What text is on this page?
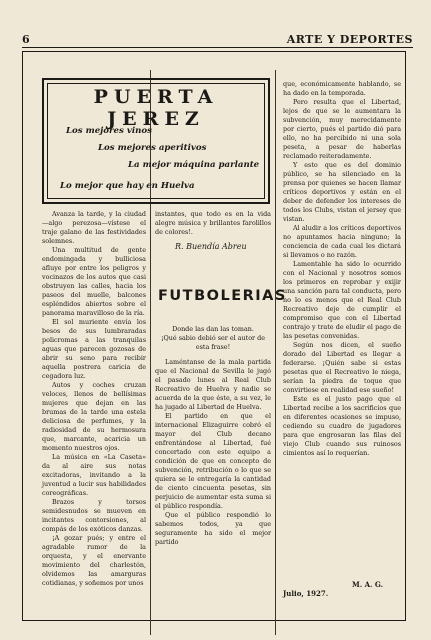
6	ARTE Y DEPORTES
PUERTA JEREZ
Los mejores vinos
Los mejores aperitivos
La mejor máquina parlante
Lo mejor que hay en Huelva

Avanza la tarde, y la ciudad—algo perezosa—vístese el traje galano de las festividades solemnes.

Una multitud de gente endomingada y bulliciosa afluye por entre los peligros y vocinazos de los autos que casi obstruyen las calles, hacia los paseos del muelle, balcones espléndidos abiertos sobre el panorama maravilloso de la ría.

El sol muriente envía los besos de sus lumbraradas policromas a las tranquilas aguas que parecen gozosas de abrir su seno para recibir aquella postrera caricia de cegadora luz.

Autos y coches cruzan veloces, llenos de bellísimas mujeres que dejan en las brumas de la tarde una estela deliciosa de perfumes, y la radiosidad de su hermosura que, marcante, acaricia un momento nuestros ojos.

La música en «La Caseta» da al aire sus notas excitadoras, invitando a la juventud a lucir sus habilidades coreográficas.

Brazos y torsos semidesnudos se mueven en incitantes contorsiones, al compás de los exóticos danzas.

¡A gozar pués; y entre el agradable rumor de la orquesta, y el enervante movimiento del charlestón, olvidemos las amarguras cotidianas, y soñemos por unos

instantes, que todo es en la vida alegre música y brillantes farolillos de colores!.

R. Buendía Abreu
FUTBOLERIAS

Donde las dan las toman.

¡Qué sabio debió ser el autor de esta frase!

Laméntanse de la mala partida que el Nacional de Sevilla le jugó el pasado lunes al Real Club Recreativo de Huelva y nadie se acuerda de la que éste, a su vez, le ha jugado al Libertad de Huelva.

El partido en que el internacional Elizaguirre cobró el mayor del Club decano enfrentándose al Libertad, fué concertado con este equipo a condición de que en concepto de subvención, retribución o lo que se quiera se le entregaría la cantidad de ciento cincuenta pesetas, sin perjuicio de aumentar esta suma si el público respondía.

Que el público respondió lo sabemos todos, ya que seguramente ha sido el mejor partido

que, económicamente hablando, se ha dado en la temporada.

Pero resulta que el Libertad, lejos de que se le aumentara la subvención, muy merecidamente por cierto, pués el partido dió para ello, no ha percibido ni una sola peseta, a pesar de haberlas reclamado reiteradamente.

Y esto que es del dominio público, se ha silenciado en la prensa por quienes se hacen llamar críticos deportivos y están en el deber de defender los intereses de todos los Clubs, vistan el jersey que vistan.

Al aludir a los críticos deportivos no apuntamos hacia ninguno; la conciencia de cada cual les dictará si llevamos o no razón.

Lamentable ha sido lo ocurrido con el Nacional y nosotros somos los primeros en reprobar y exijir una sanción para tal conducta, pero no lo es menos que el Real Club Recreativo deje de cumplir el compromiso que con el Libertad contrajo y trate de eludir el pago de las pesetas convenidas.

Según nos dicen, el sueño dorado del Libertad es llegar a federarse. ¡Quién sabe si estas pesetas que el Recreativo le niega, serían la piedra de toque que convirtiese en realidad ese sueño!

Este es el justo pago que el Libertad recibe a los sacrificios que en diferentes ocasiones se impuso, cediendo su cuadro de jugadores para que engrosaran las filas del viejo Club cuando sus ruinosos cimientos así lo requerían.

M. A. G.
Julio, 1927.
